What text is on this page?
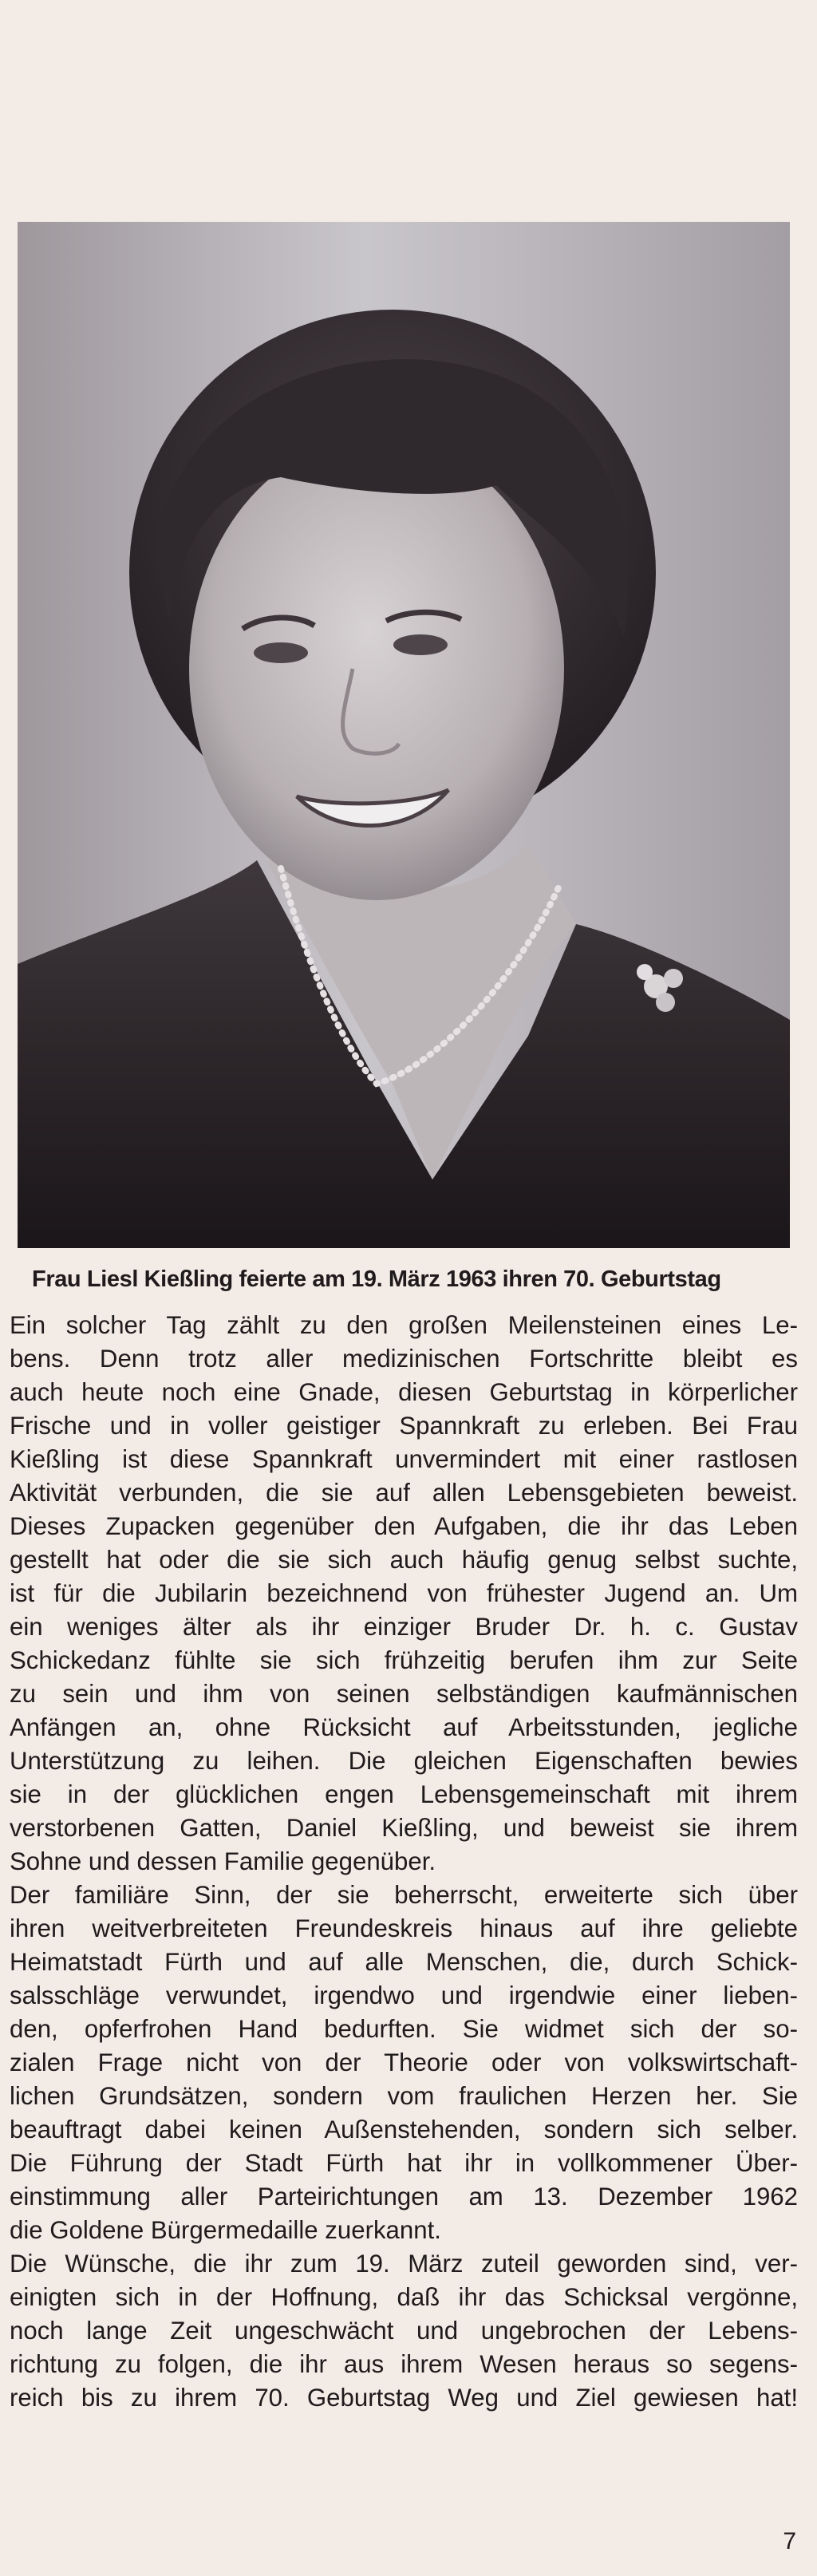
Frau Liesl Kießling feierte am 19. März 1963 ihren 70. Geburtstag

Ein solcher Tag zählt zu den großen Meilensteinen eines Le-
bens. Denn trotz aller medizinischen Fortschritte bleibt es
auch heute noch eine Gnade, diesen Geburtstag in körperlicher
Frische und in voller geistiger Spannkraft zu erleben. Bei Frau
Kießling ist diese Spannkraft unvermindert mit einer rastlosen
Aktivität verbunden, die sie auf allen Lebensgebieten beweist.
Dieses Zupacken gegenüber den Aufgaben, die ihr das Leben
gestellt hat oder die sie sich auch häufig genug selbst suchte,
ist für die Jubilarin bezeichnend von frühester Jugend an. Um
ein weniges älter als ihr einziger Bruder Dr. h. c. Gustav
Schickedanz fühlte sie sich frühzeitig berufen ihm zur Seite
zu sein und ihm von seinen selbständigen kaufmännischen
Anfängen an, ohne Rücksicht auf Arbeitsstunden, jegliche
Unterstützung zu leihen. Die gleichen Eigenschaften bewies
sie in der glücklichen engen Lebensgemeinschaft mit ihrem
verstorbenen Gatten, Daniel Kießling, und beweist sie ihrem
Sohne und dessen Familie gegenüber.
Der familiäre Sinn, der sie beherrscht, erweiterte sich über
ihren weitverbreiteten Freundeskreis hinaus auf ihre geliebte
Heimatstadt Fürth und auf alle Menschen, die, durch Schick-
salsschläge verwundet, irgendwo und irgendwie einer lieben-
den, opferfrohen Hand bedurften. Sie widmet sich der so-
zialen Frage nicht von der Theorie oder von volkswirtschaft-
lichen Grundsätzen, sondern vom fraulichen Herzen her. Sie
beauftragt dabei keinen Außenstehenden, sondern sich selber.
Die Führung der Stadt Fürth hat ihr in vollkommener Über-
einstimmung aller Parteirichtungen am 13. Dezember 1962
die Goldene Bürgermedaille zuerkannt.
Die Wünsche, die ihr zum 19. März zuteil geworden sind, ver-
einigten sich in der Hoffnung, daß ihr das Schicksal vergönne,
noch lange Zeit ungeschwächt und ungebrochen der Lebens-
richtung zu folgen, die ihr aus ihrem Wesen heraus so segens-
reich bis zu ihrem 70. Geburtstag Weg und Ziel gewiesen hat!

7
